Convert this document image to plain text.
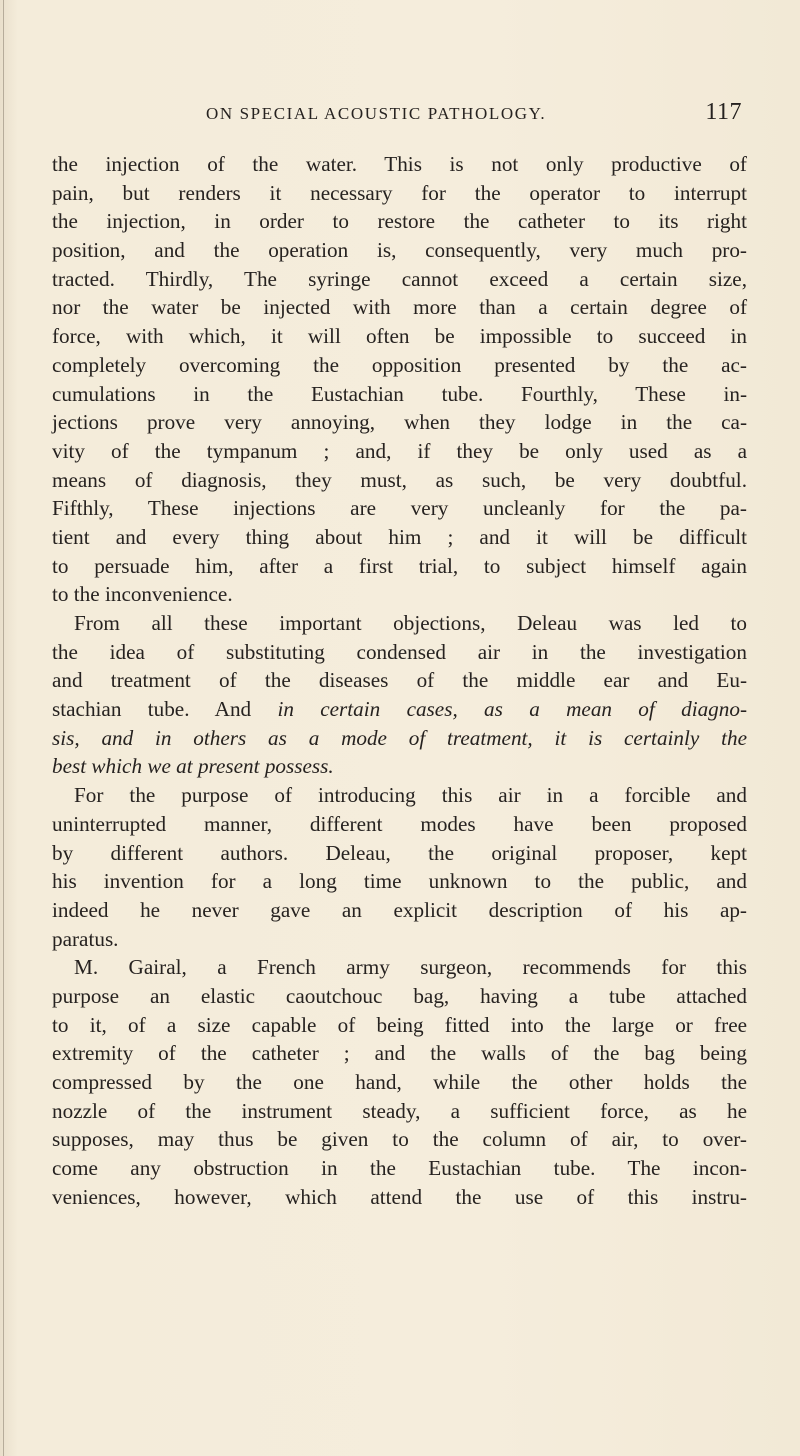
ON SPECIAL ACOUSTIC PATHOLOGY.	117
the injection of the water. This is not only productive of
pain, but renders it necessary for the operator to interrupt
the injection, in order to restore the catheter to its right
position, and the operation is, consequently, very much pro-
tracted. Thirdly, The syringe cannot exceed a certain size,
nor the water be injected with more than a certain degree of
force, with which, it will often be impossible to succeed in
completely overcoming the opposition presented by the ac-
cumulations in the Eustachian tube. Fourthly, These in-
jections prove very annoying, when they lodge in the ca-
vity of the tympanum ; and, if they be only used as a
means of diagnosis, they must, as such, be very doubtful.
Fifthly, These injections are very uncleanly for the pa-
tient and every thing about him ; and it will be difficult
to persuade him, after a first trial, to subject himself again
to the inconvenience.
From all these important objections, Deleau was led to
the idea of substituting condensed air in the investigation
and treatment of the diseases of the middle ear and Eu-
stachian tube. And in certain cases, as a mean of diagno-
sis, and in others as a mode of treatment, it is certainly the
best which we at present possess.
For the purpose of introducing this air in a forcible and
uninterrupted manner, different modes have been proposed
by different authors. Deleau, the original proposer, kept
his invention for a long time unknown to the public, and
indeed he never gave an explicit description of his ap-
paratus.
M. Gairal, a French army surgeon, recommends for this
purpose an elastic caoutchouc bag, having a tube attached
to it, of a size capable of being fitted into the large or free
extremity of the catheter ; and the walls of the bag being
compressed by the one hand, while the other holds the
nozzle of the instrument steady, a sufficient force, as he
supposes, may thus be given to the column of air, to over-
come any obstruction in the Eustachian tube. The incon-
veniences, however, which attend the use of this instru-
